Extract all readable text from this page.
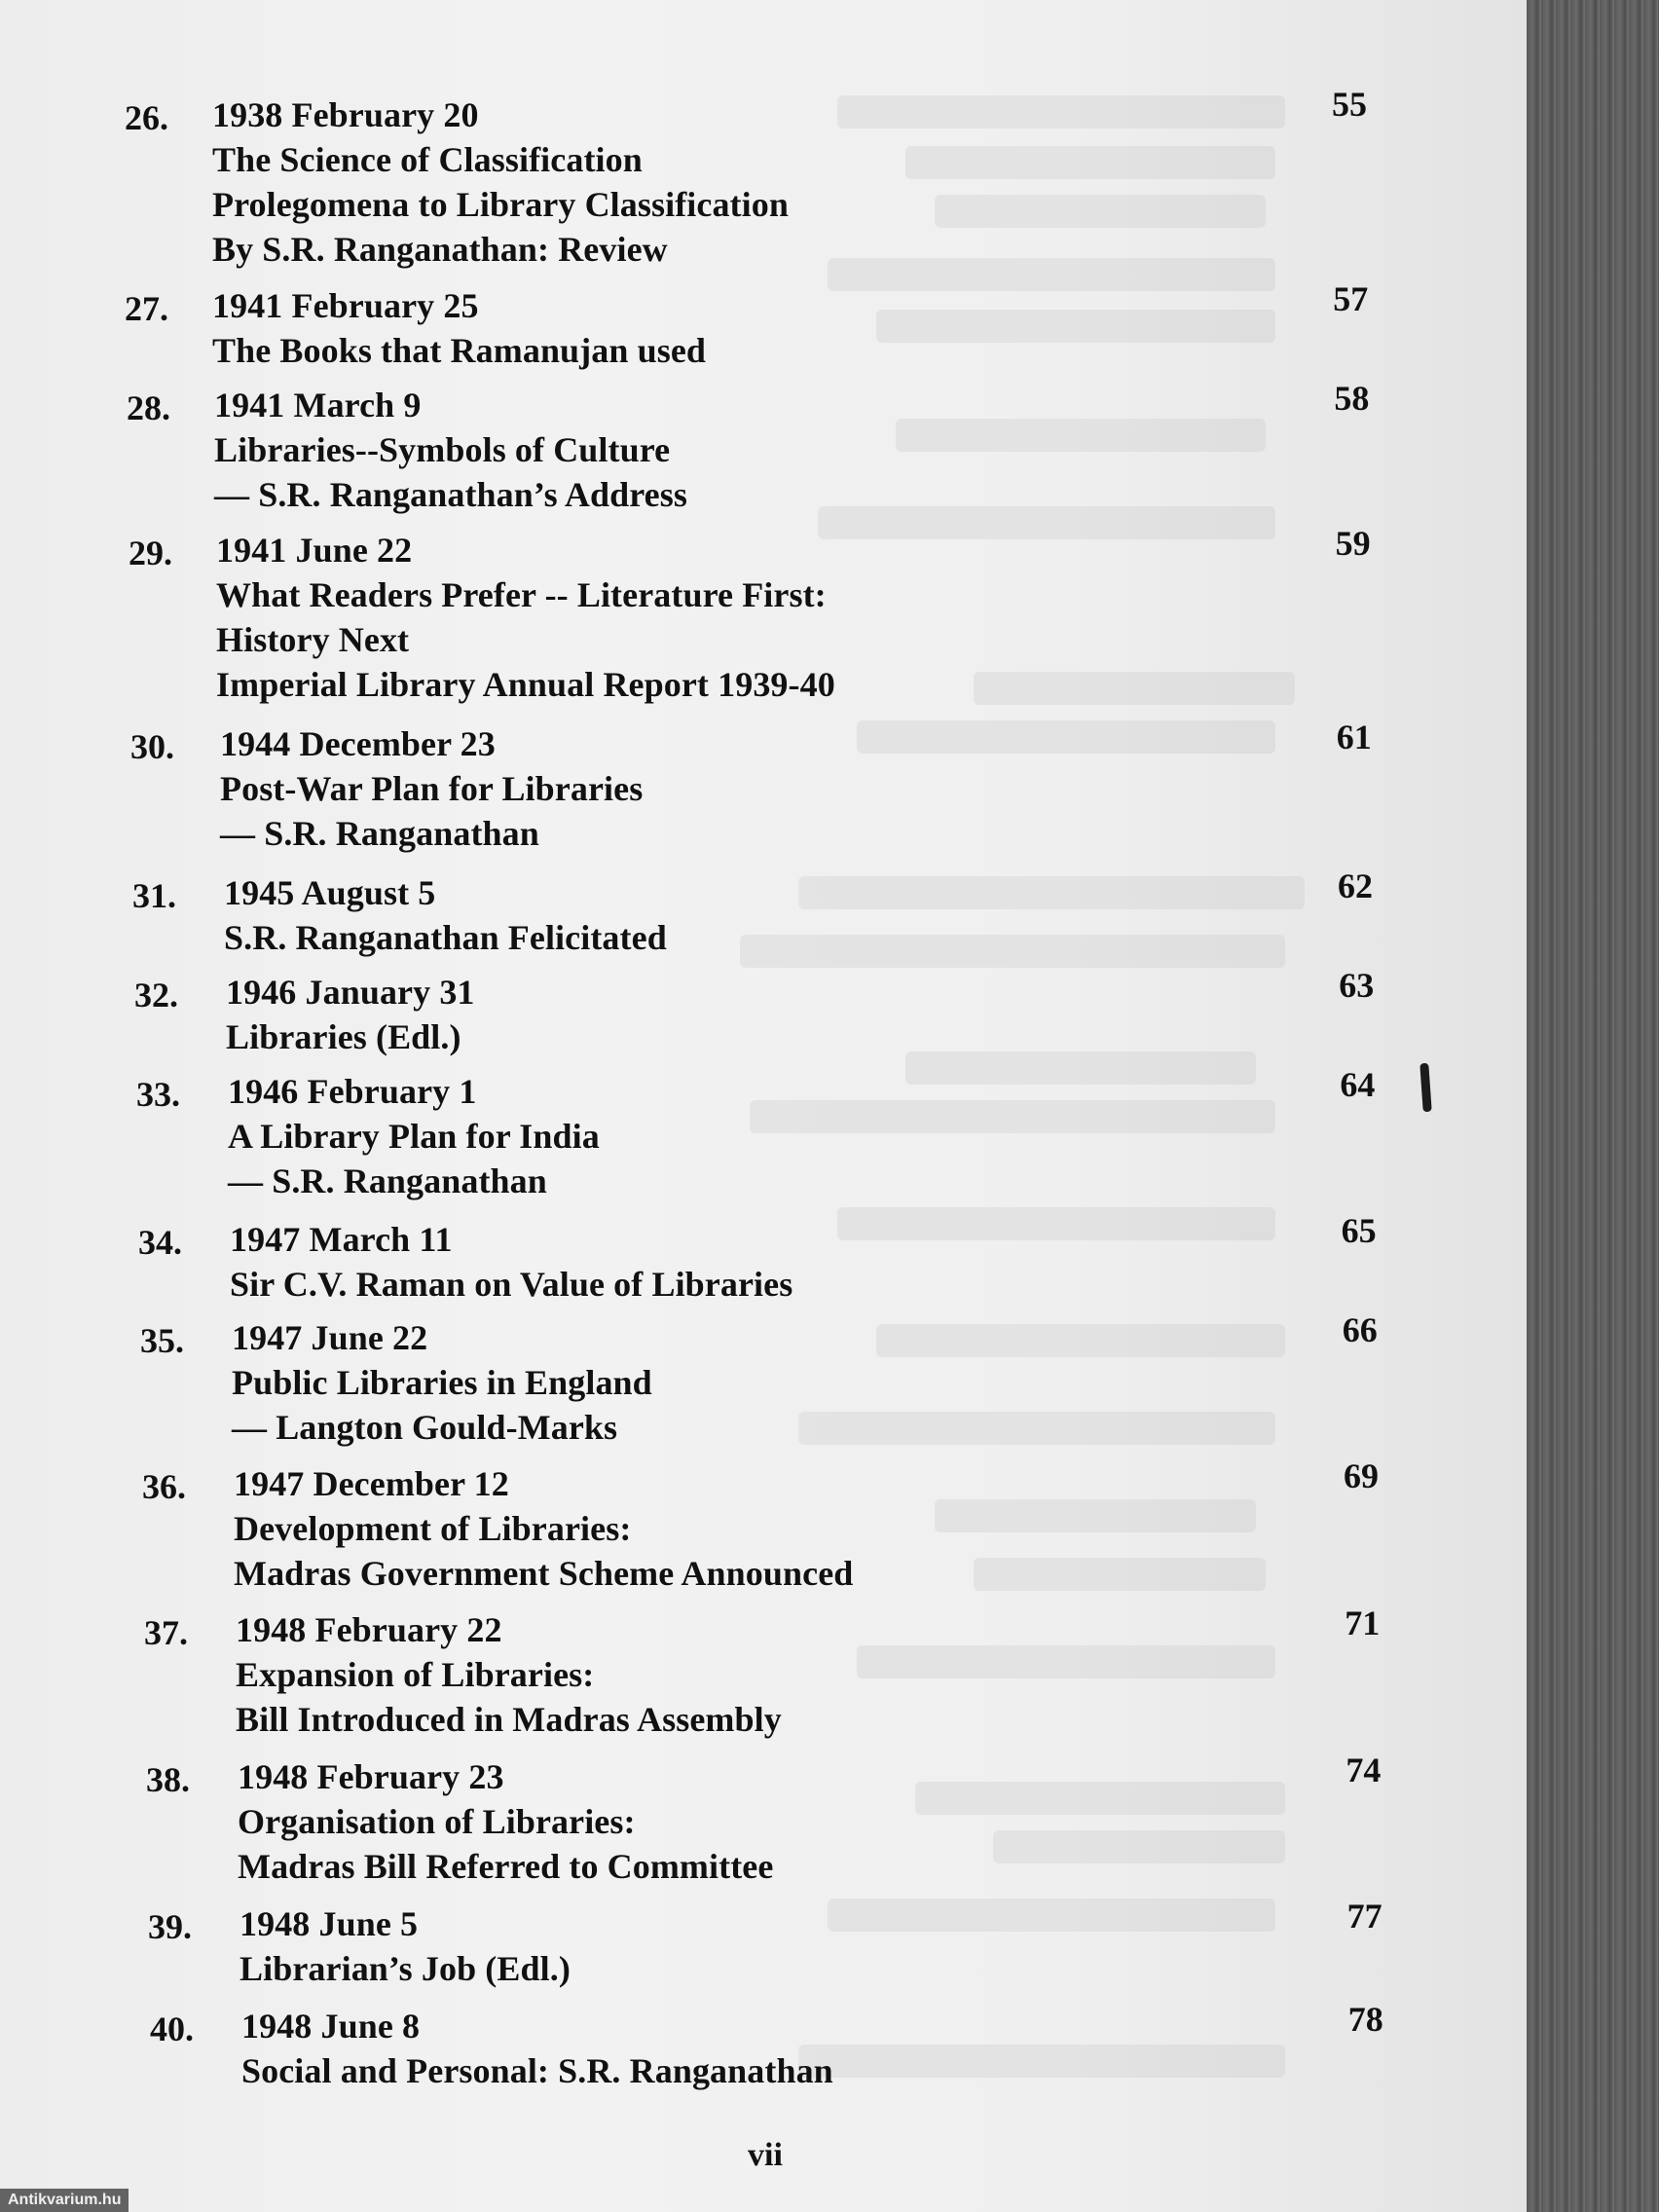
26. 1938 February 20
The Science of Classification
Prolegomena to Library Classification
By S.R. Ranganathan: Review
55
27. 1941 February 25
The Books that Ramanujan used
57
28. 1941 March 9
Libraries--Symbols of Culture
— S.R. Ranganathan’s Address
58
29. 1941 June 22
What Readers Prefer -- Literature First:
History Next
Imperial Library Annual Report 1939-40
59
30. 1944 December 23
Post-War Plan for Libraries
— S.R. Ranganathan
61
31. 1945 August 5
S.R. Ranganathan Felicitated
62
32. 1946 January 31
Libraries (Edl.)
63
33. 1946 February 1
A Library Plan for India
— S.R. Ranganathan
64
34. 1947 March 11
Sir C.V. Raman on Value of Libraries
65
35. 1947 June 22
Public Libraries in England
— Langton Gould-Marks
66
36. 1947 December 12
Development of Libraries:
Madras Government Scheme Announced
69
37. 1948 February 22
Expansion of Libraries:
Bill Introduced in Madras Assembly
71
38. 1948 February 23
Organisation of Libraries:
Madras Bill Referred to Committee
74
39. 1948 June 5
Librarian’s Job (Edl.)
77
40. 1948 June 8
Social and Personal: S.R. Ranganathan
78
vii
Antikvarium.hu
